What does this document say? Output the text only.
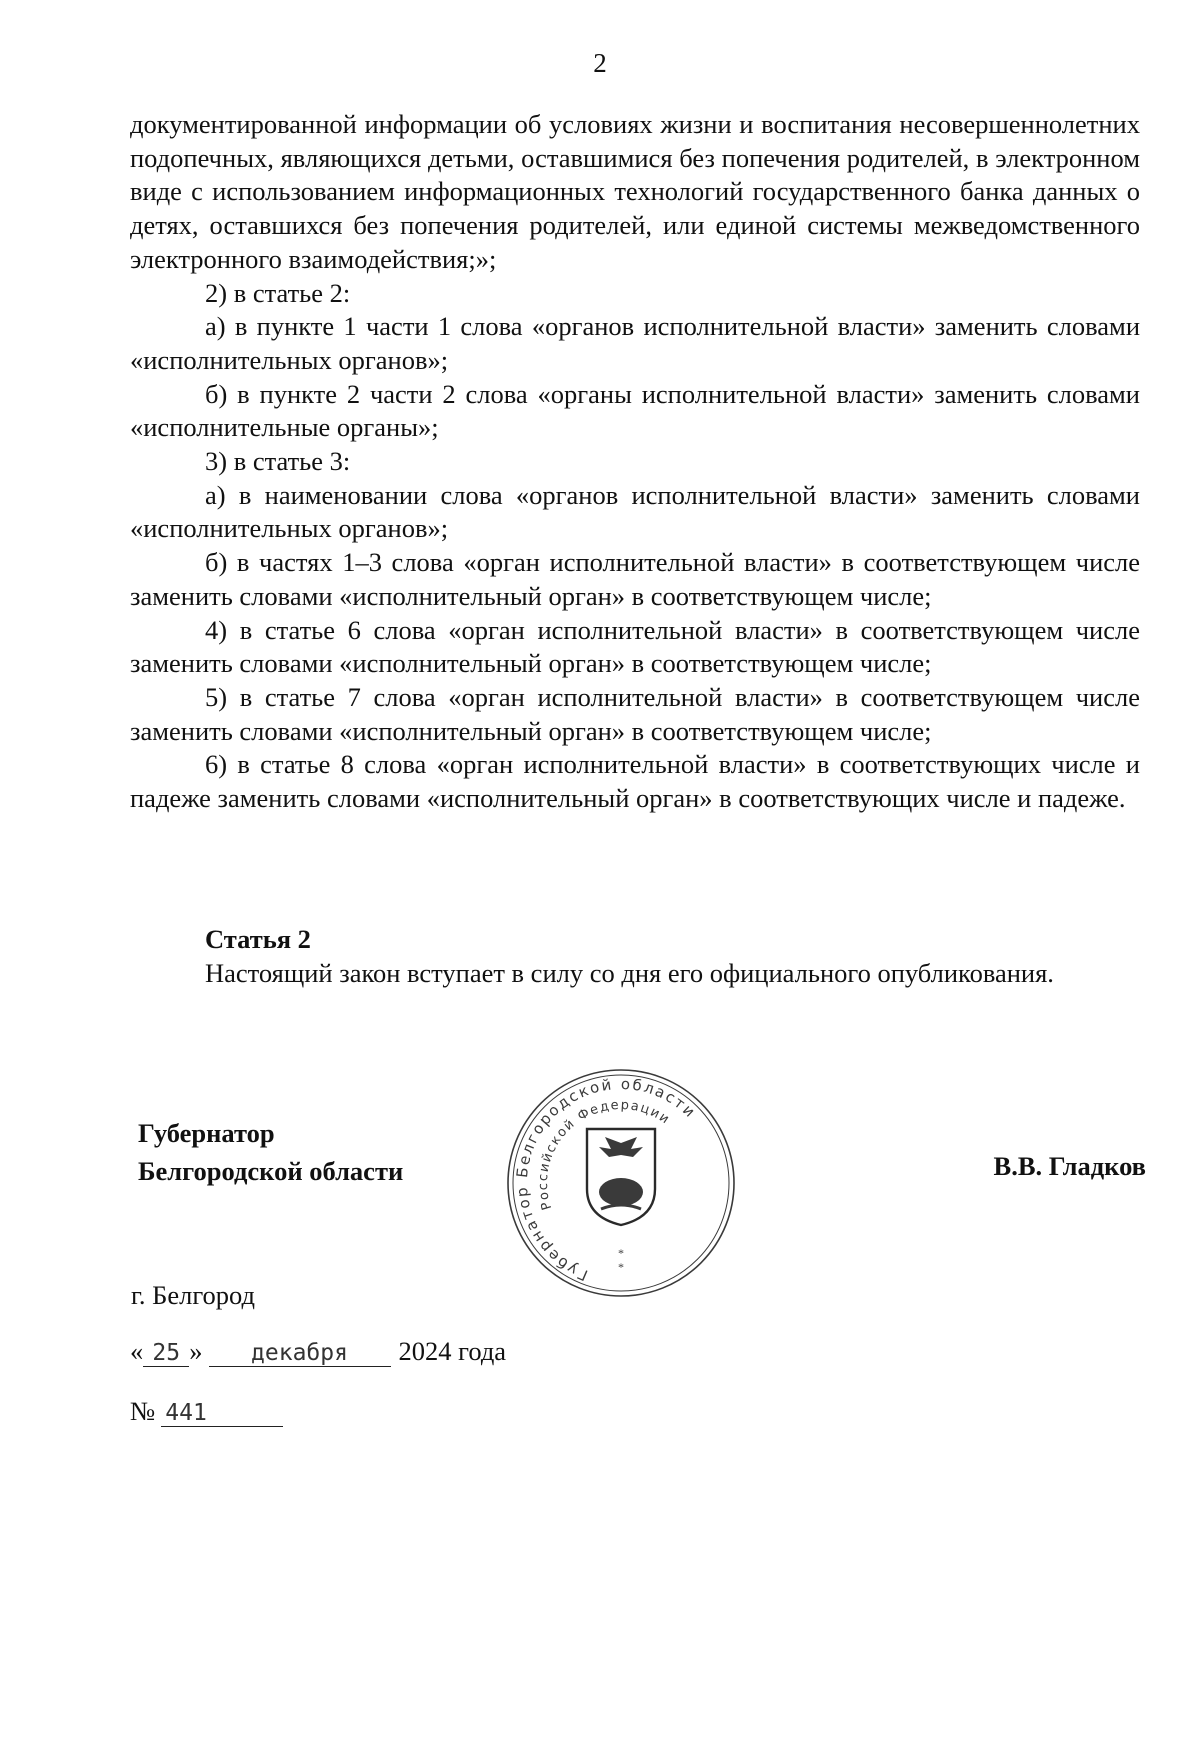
2

документированной информации об условиях жизни и воспитания несовершеннолетних подопечных, являющихся детьми, оставшимися без попечения родителей, в электронном виде с использованием информационных технологий государственного банка данных о детях, оставшихся без попечения родителей, или единой системы межведомственного электронного взаимодействия;»;

2) в статье 2:

а) в пункте 1 части 1 слова «органов исполнительной власти» заменить словами «исполнительных органов»;

б) в пункте 2 части 2 слова «органы исполнительной власти» заменить словами «исполнительные органы»;

3) в статье 3:

а) в наименовании слова «органов исполнительной власти» заменить словами «исполнительных органов»;

б) в частях 1–3 слова «орган исполнительной власти» в соответствующем числе заменить словами «исполнительный орган» в соответствующем числе;

4) в статье 6 слова «орган исполнительной власти» в соответствующем числе заменить словами «исполнительный орган» в соответствующем числе;

5) в статье 7 слова «орган исполнительной власти» в соответствующем числе заменить словами «исполнительный орган» в соответствующем числе;

6) в статье 8 слова «орган исполнительной власти» в соответствующих числе и падеже заменить словами «исполнительный орган» в соответствующих числе и падеже.

Статья 2

Настоящий закон вступает в силу со дня его официального опубликования.

Губернатор
Белгородской области
Губернатор Белгородской области
Российской Федерации
*
*
В.В. Гладков
г. Белгород
« 25 » декабря 2024 года
№ 441
